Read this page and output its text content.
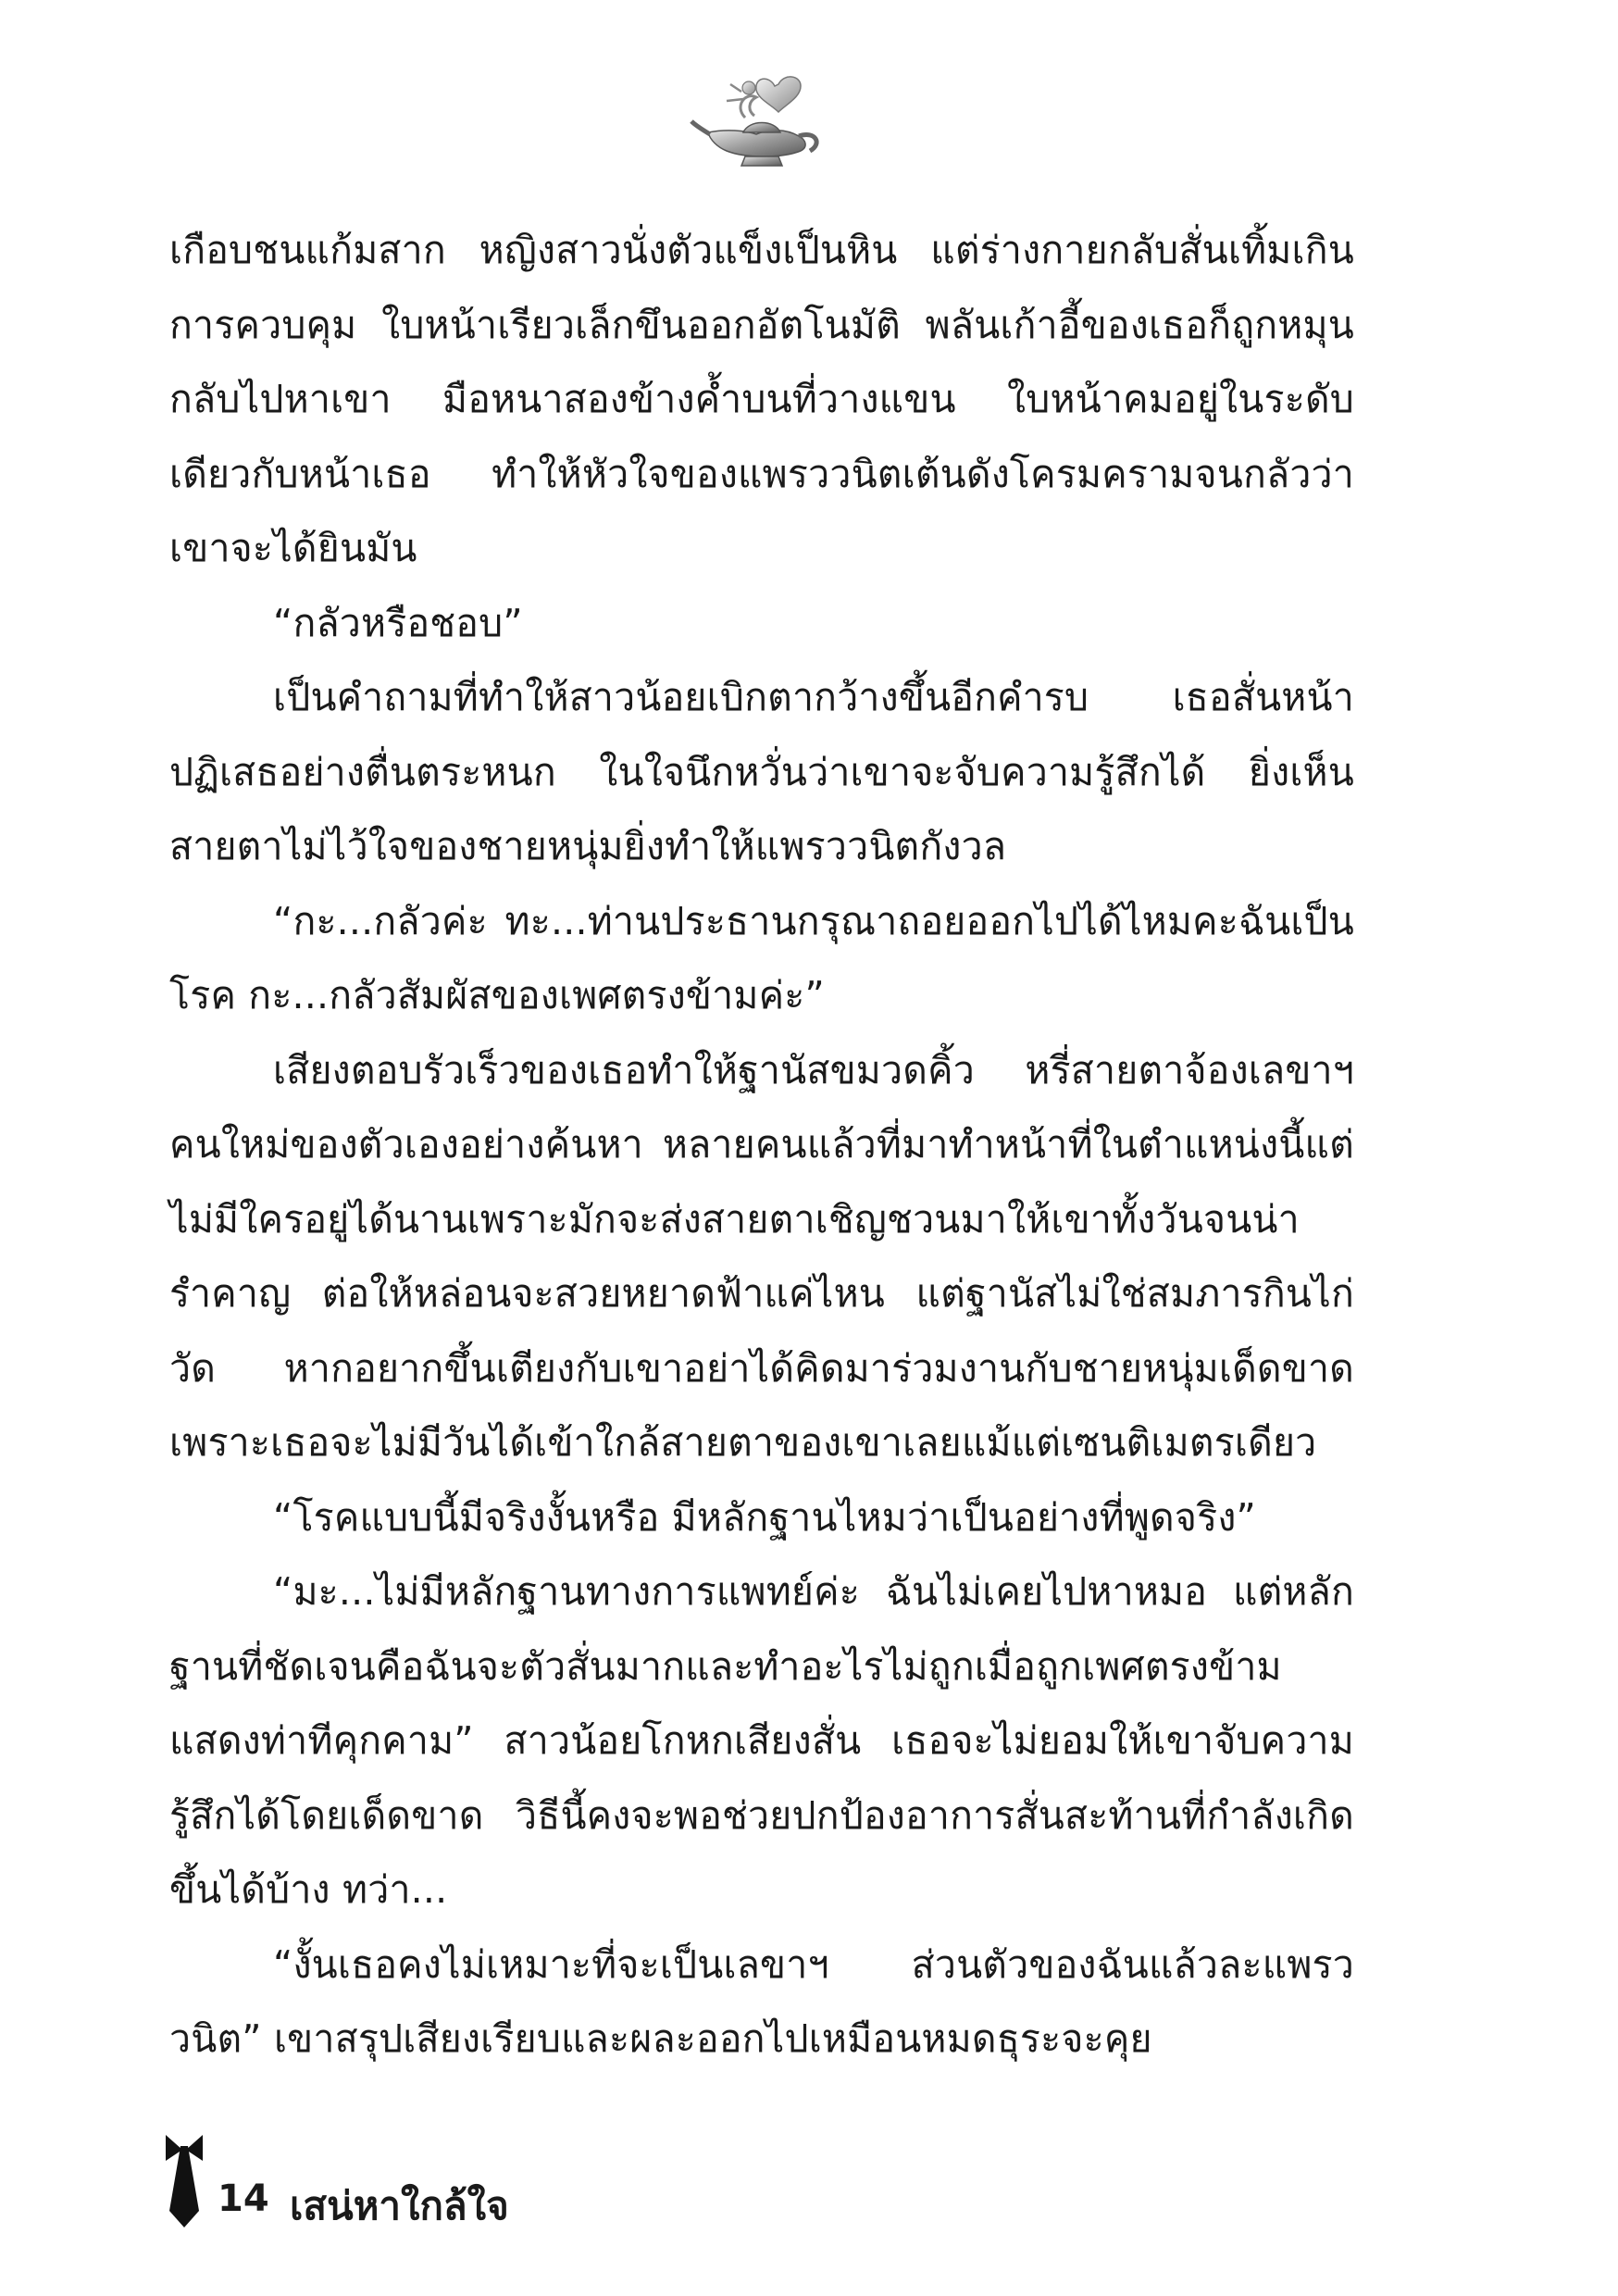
เกือบชนแก้มสาก หญิงสาวนั่งตัวแข็งเป็นหิน แต่ร่างกายกลับสั่นเทิ้มเกินการควบคุม ใบหน้าเรียวเล็กขึนออกอัตโนมัติ พลันเก้าอี้ของเธอก็ถูกหมุนกลับไปหาเขา มือหนาสองข้างค้ำบนที่วางแขน ใบหน้าคมอยู่ในระดับเดียวกับหน้าเธอ ทำให้หัวใจของแพรววนิตเต้นดังโครมครามจนกลัวว่าเขาจะได้ยินมัน

“กลัวหรือชอบ”

เป็นคำถามที่ทำให้สาวน้อยเบิกตากว้างขึ้นอีกคำรบ เธอสั่นหน้าปฏิเสธอย่างตื่นตระหนก ในใจนึกหวั่นว่าเขาจะจับความรู้สึกได้ ยิ่งเห็นสายตาไม่ไว้ใจของชายหนุ่มยิ่งทำให้แพรววนิตกังวล

“กะ...กลัวค่ะ ทะ...ท่านประธานกรุณาถอยออกไปได้ไหมคะฉันเป็นโรค กะ...กลัวสัมผัสของเพศตรงข้ามค่ะ”

เสียงตอบรัวเร็วของเธอทำให้ฐานัสขมวดคิ้ว หรี่สายตาจ้องเลขาฯคนใหม่ของตัวเองอย่างค้นหา หลายคนแล้วที่มาทำหน้าที่ในตำแหน่งนี้แต่ไม่มีใครอยู่ได้นานเพราะมักจะส่งสายตาเชิญชวนมาให้เขาทั้งวันจนน่ารำคาญ ต่อให้หล่อนจะสวยหยาดฟ้าแค่ไหน แต่ฐานัสไม่ใช่สมภารกินไก่วัด หากอยากขึ้นเตียงกับเขาอย่าได้คิดมาร่วมงานกับชายหนุ่มเด็ดขาด เพราะเธอจะไม่มีวันได้เข้าใกล้สายตาของเขาเลยแม้แต่เซนติเมตรเดียว

“โรคแบบนี้มีจริงงั้นหรือ มีหลักฐานไหมว่าเป็นอย่างที่พูดจริง”

“มะ...ไม่มีหลักฐานทางการแพทย์ค่ะ ฉันไม่เคยไปหาหมอ แต่หลักฐานที่ชัดเจนคือฉันจะตัวสั่นมากและทำอะไรไม่ถูกเมื่อถูกเพศตรงข้ามแสดงท่าทีคุกคาม” สาวน้อยโกหกเสียงสั่น เธอจะไม่ยอมให้เขาจับความรู้สึกได้โดยเด็ดขาด วิธีนี้คงจะพอช่วยปกป้องอาการสั่นสะท้านที่กำลังเกิดขึ้นได้บ้าง ทว่า...

“งั้นเธอคงไม่เหมาะที่จะเป็นเลขาฯ ส่วนตัวของฉันแล้วละแพรววนิต” เขาสรุปเสียงเรียบและผละออกไปเหมือนหมดธุระจะคุย

14 เสน่หาใกล้ใจ
